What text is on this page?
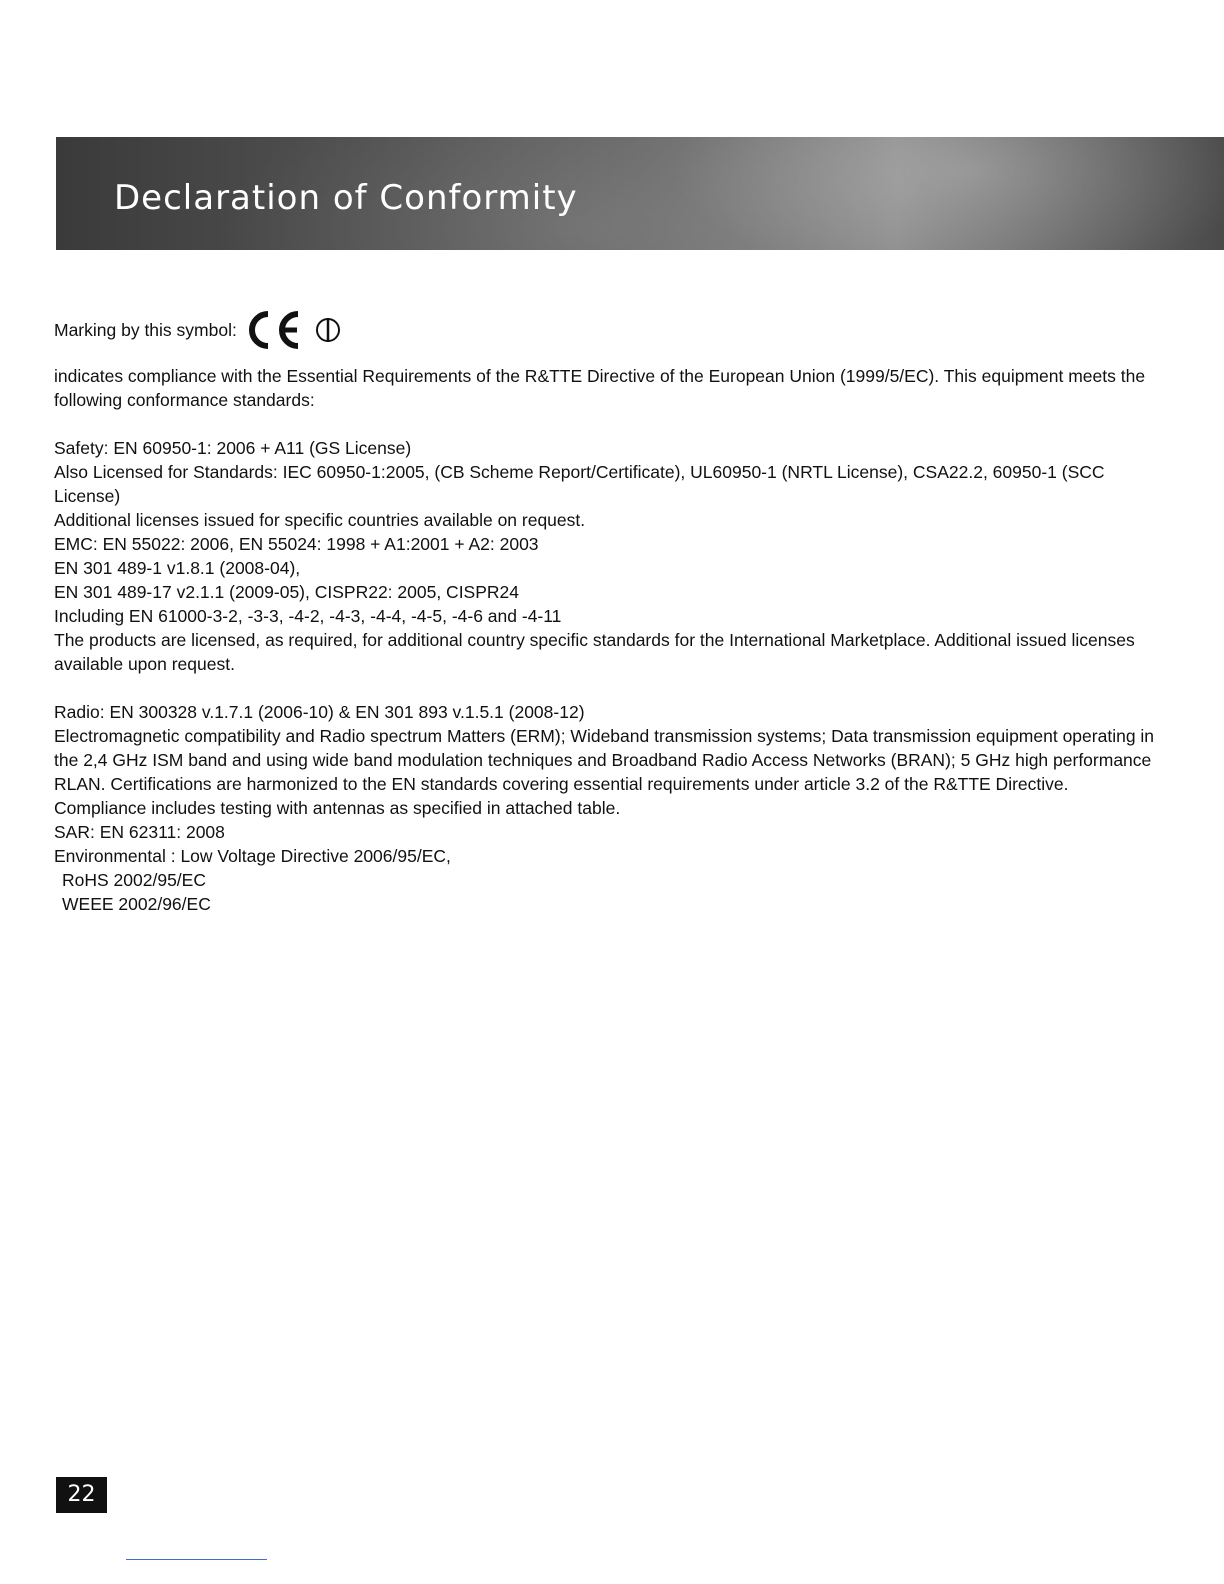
Declaration of Conformity
Marking by this symbol:

indicates compliance with the Essential Requirements of the R&TTE Directive of the European Union (1999/5/EC). This equipment meets the following conformance standards:

Safety: EN 60950-1: 2006 + A11 (GS License)
Also Licensed for Standards: IEC 60950-1:2005, (CB Scheme Report/Certificate), UL60950-1 (NRTL License), CSA22.2, 60950-1 (SCC License)
Additional licenses issued for specific countries available on request.
EMC: EN 55022: 2006, EN 55024: 1998 + A1:2001 + A2: 2003
EN 301 489-1 v1.8.1 (2008-04),
EN 301 489-17 v2.1.1 (2009-05), CISPR22: 2005, CISPR24
Including EN 61000-3-2, -3-3, -4-2, -4-3, -4-4, -4-5, -4-6 and -4-11
The products are licensed, as required, for additional country specific standards for the International Marketplace. Additional issued licenses available upon request.
Radio: EN 300328 v.1.7.1 (2006-10) & EN 301 893 v.1.5.1 (2008-12)
Electromagnetic compatibility and Radio spectrum Matters (ERM); Wideband transmission systems; Data transmission equipment operating in the 2,4 GHz ISM band and using wide band modulation techniques and Broadband Radio Access Networks (BRAN); 5 GHz high performance RLAN. Certifications are harmonized to the EN standards covering essential requirements under article 3.2 of the R&TTE Directive. Compliance includes testing with antennas as specified in attached table.
SAR: EN 62311: 2008
Environmental : Low Voltage Directive 2006/95/EC,
RoHS 2002/95/EC
WEEE 2002/96/EC
22
